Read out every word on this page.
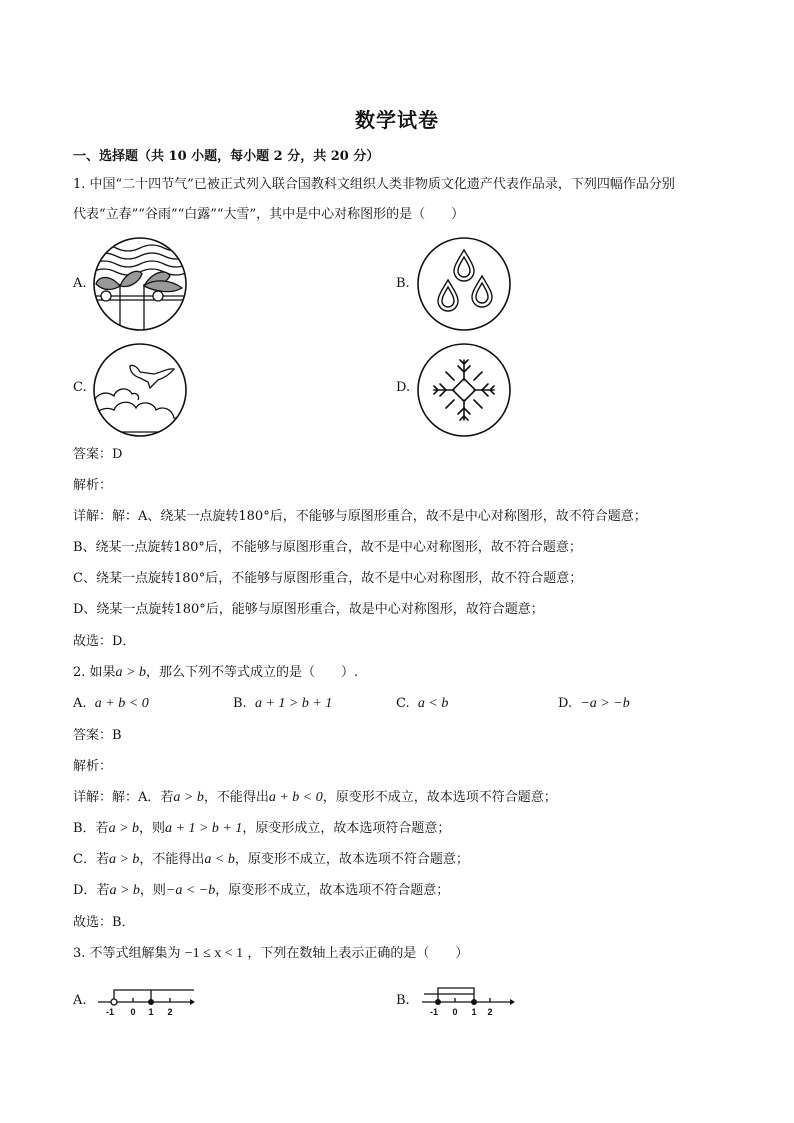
数学试卷
一、选择题（共 10 小题，每小题 2 分，共 20 分）
1. 中国“二十四节气”已被正式列入联合国教科文组织人类非物质文化遗产代表作品录，下列四幅作品分别
代表“立春”“谷雨”“白露”“大雪”，其中是中心对称图形的是（　　）
A.	B.
C.	D.
答案：D
解析：
详解：解：A、绕某一点旋转180°后，不能够与原图形重合，故不是中心对称图形，故不符合题意；
B、绕某一点旋转180°后，不能够与原图形重合，故不是中心对称图形，故不符合题意；
C、绕某一点旋转180°后，不能够与原图形重合，故不是中心对称图形，故不符合题意；
D、绕某一点旋转180°后，能够与原图形重合，故是中心对称图形，故符合题意；
故选：D．
2. 如果a > b，那么下列不等式成立的是（　　）.
A. a + b < 0	B. a + 1 > b + 1	C. a < b	D. −a > −b
答案：B
解析：
详解：解：A．若a > b，不能得出a + b < 0，原变形不成立，故本选项不符合题意；
B．若a > b，则a + 1 > b + 1，原变形成立，故本选项符合题意；
C．若a > b，不能得出a < b，原变形不成立，故本选项不符合题意；
D．若a > b，则−a < −b，原变形不成立，故本选项不符合题意；
故选：B．
3. 不等式组解集为 −1 ≤ x < 1 ，下列在数轴上表示正确的是（　　）
A.
-1 0 1 2
B.
-1 0 1 2
